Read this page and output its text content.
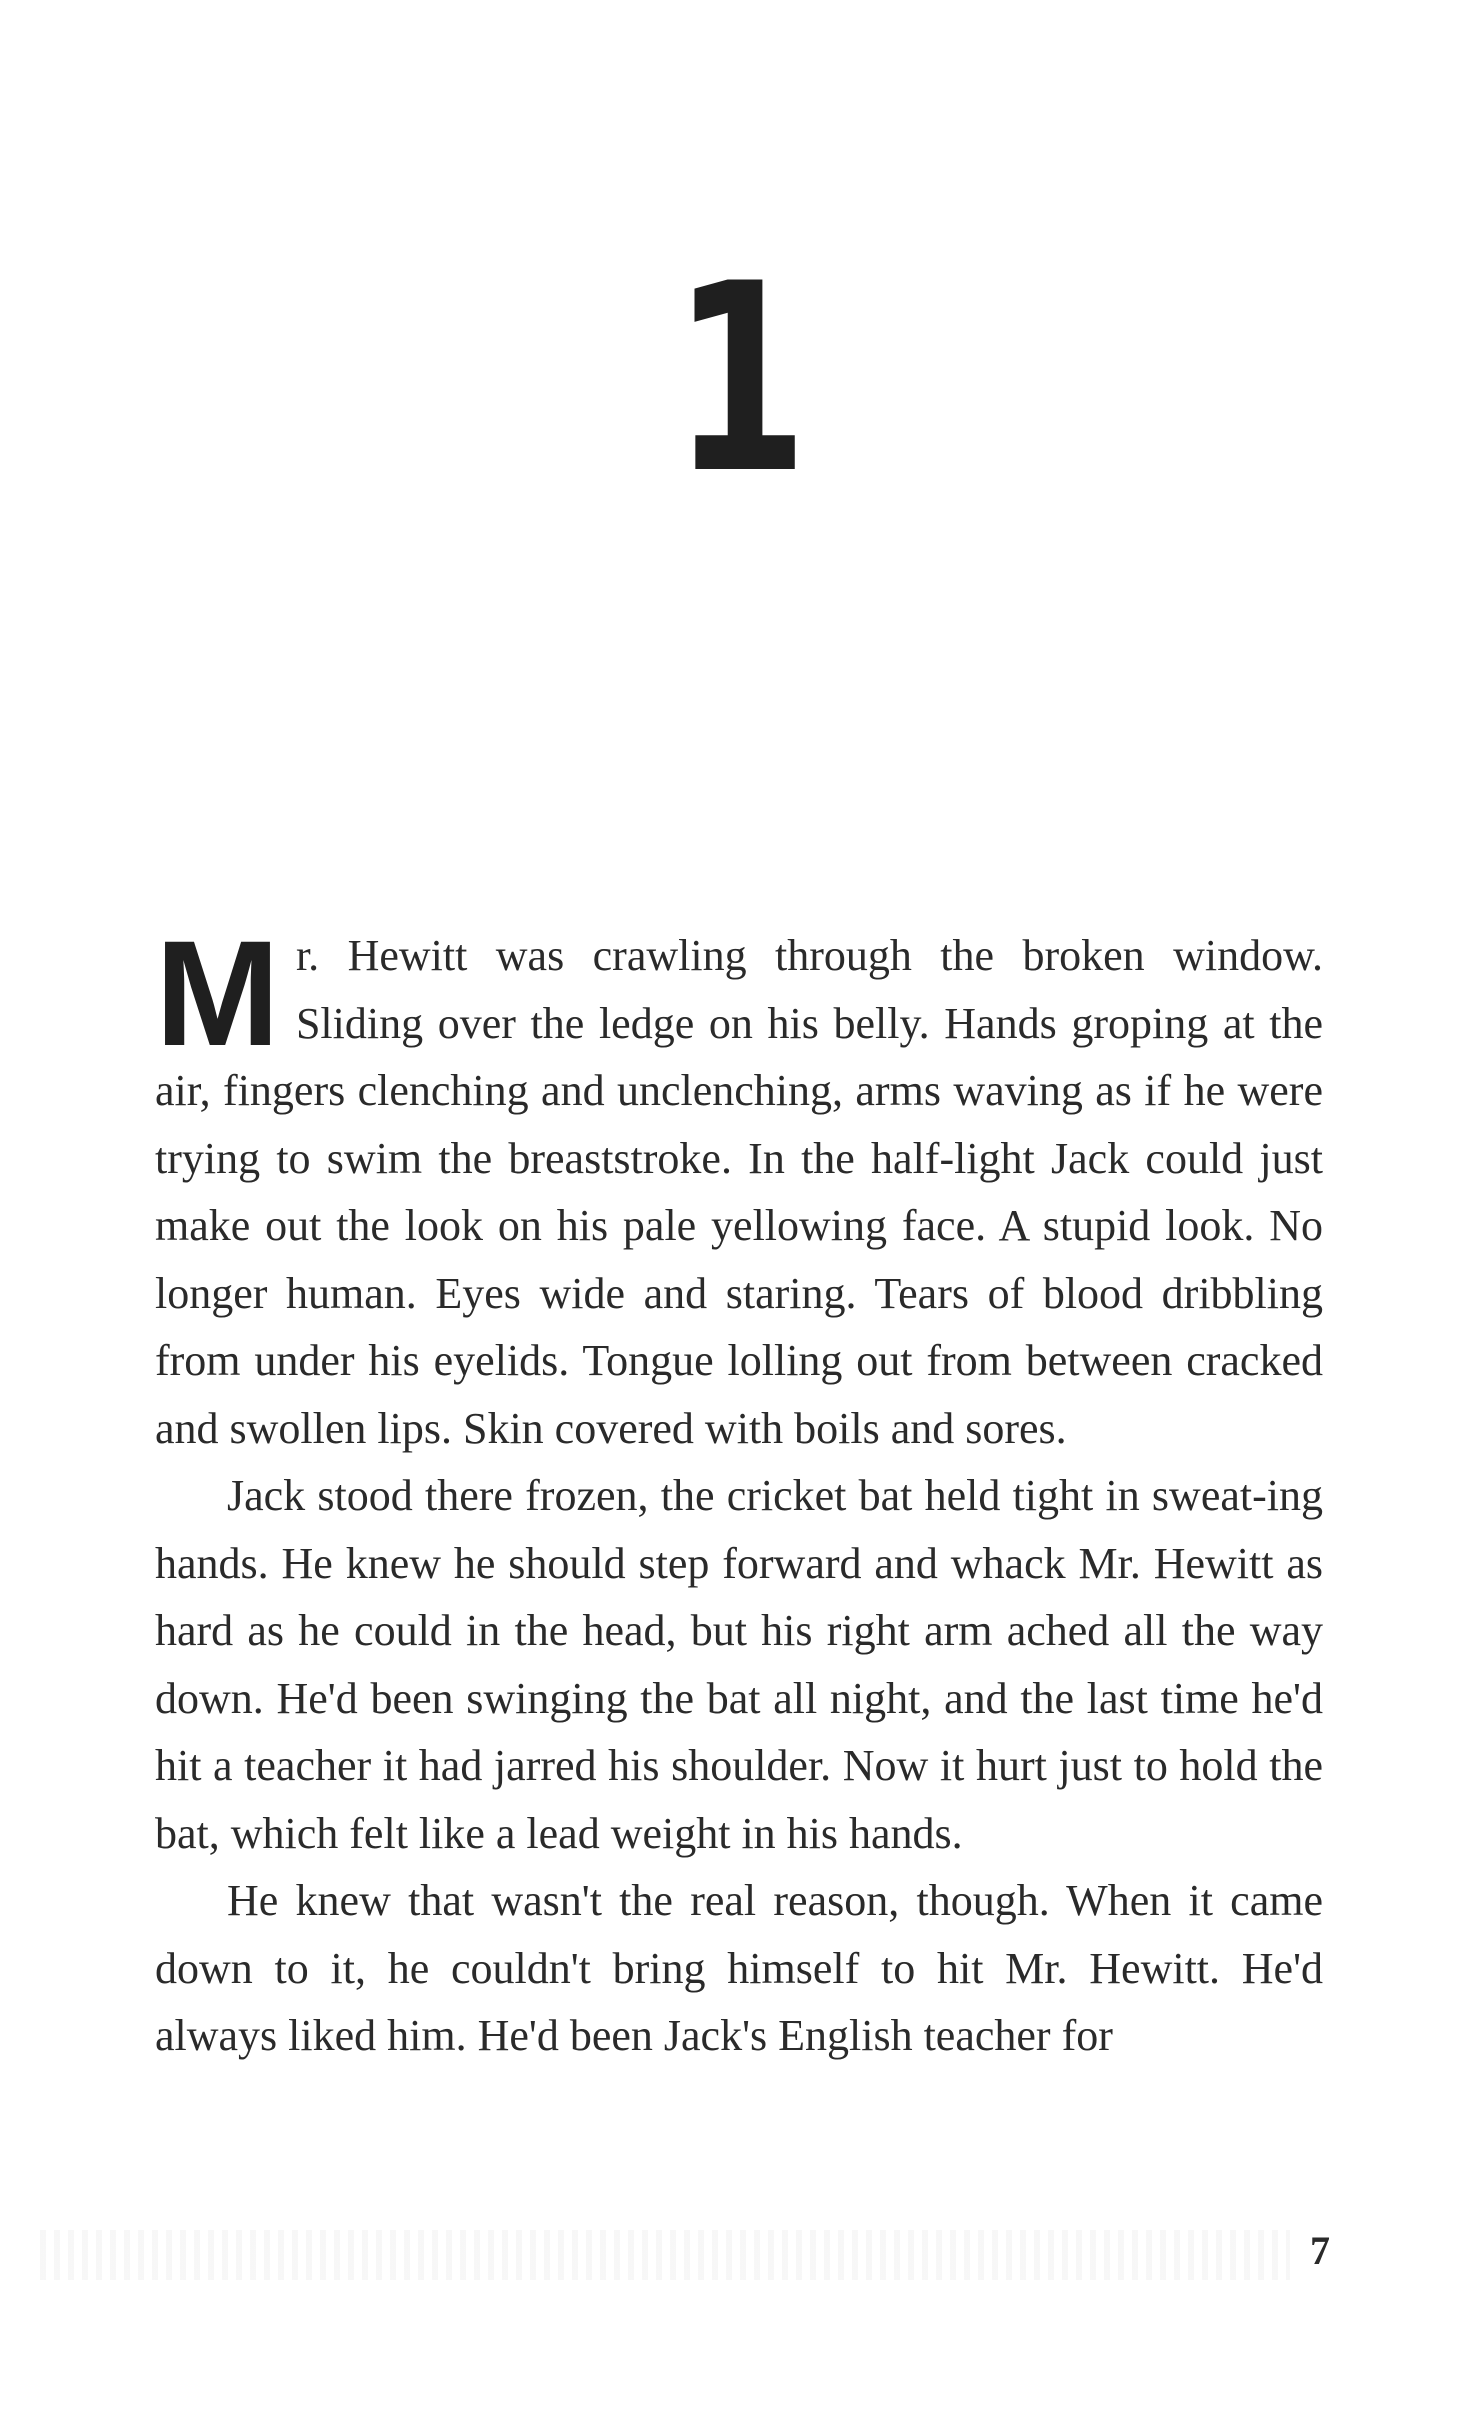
1

Mr. Hewitt was crawling through the broken window. Sliding over the ledge on his belly. Hands groping at the air, fingers clenching and unclenching, arms waving as if he were trying to swim the breaststroke. In the half-light Jack could just make out the look on his pale yellowing face. A stupid look. No longer human. Eyes wide and staring. Tears of blood dribbling from under his eyelids. Tongue lolling out from between cracked and swollen lips. Skin covered with boils and sores.

Jack stood there frozen, the cricket bat held tight in sweat-ing hands. He knew he should step forward and whack Mr. Hewitt as hard as he could in the head, but his right arm ached all the way down. He'd been swinging the bat all night, and the last time he'd hit a teacher it had jarred his shoulder. Now it hurt just to hold the bat, which felt like a lead weight in his hands.

He knew that wasn't the real reason, though. When it came down to it, he couldn't bring himself to hit Mr. Hewitt. He'd always liked him. He'd been Jack's English teacher for

7
